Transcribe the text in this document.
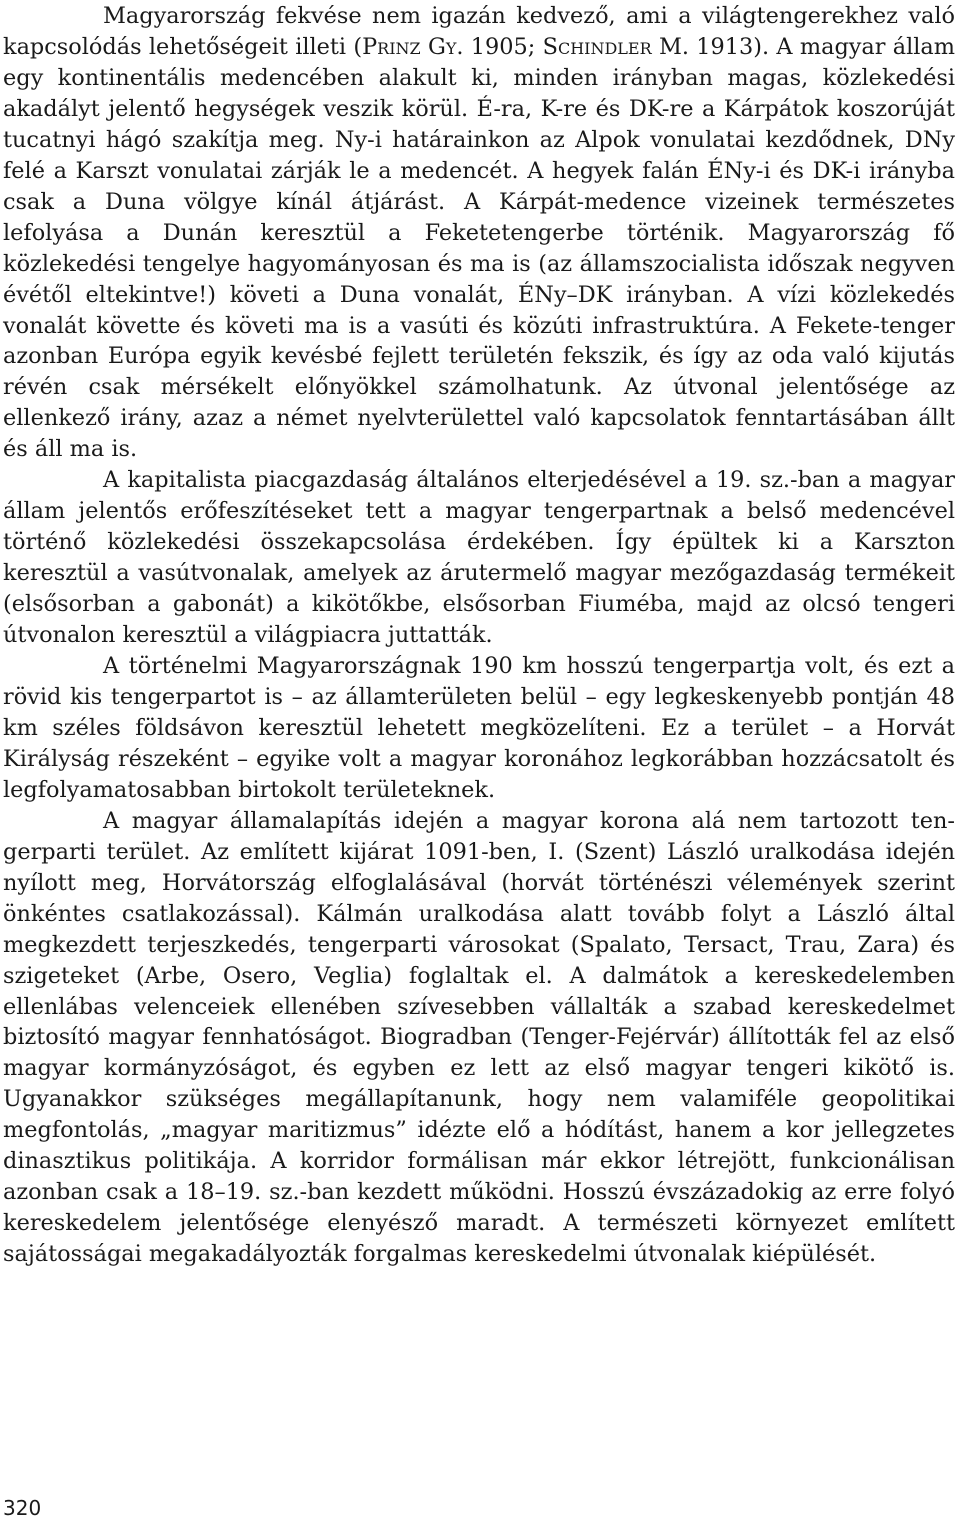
Magyarország fekvése nem igazán kedvező, ami a világtengerekhez való kapcsolódás lehetőségeit illeti (Prinz Gy. 1905; Schindler M. 1913). A magyar állam egy kontinentális medencében alakult ki, minden irányban magas, közlekedési akadályt jelentő hegységek veszik körül. É-ra, K-re és DK-re a Kárpátok koszorúját tucatnyi hágó szakítja meg. Ny-i határainkon az Alpok vonulatai kezdődnek, DNy felé a Karszt vonulatai zárják le a medencét. A hegyek falán ÉNy-i és DK-i irányba csak a Duna völgye kínál átjárást. A Kárpát-medence vizeinek természetes lefolyása a Dunán keresztül a Feketetengerbe történik. Magyarország fő közlekedési tengelye hagyományosan és ma is (az államszocialista időszak negyven évétől eltekintve!) követi a Duna vonalát, ÉNy–DK irányban. A vízi közlekedés vonalát követte és követi ma is a vasúti és közúti infrastruktúra. A Fekete-tenger azonban Európa egyik kevésbé fejlett területén fekszik, és így az oda való kijutás révén csak mérsékelt előnyökkel számolhatunk. Az útvonal jelentősége az ellenkező irány, azaz a német nyelvterülettel való kapcsolatok fenntartásában állt és áll ma is.

A kapitalista piacgazdaság általános elterjedésével a 19. sz.-ban a magyar állam jelentős erőfeszítéseket tett a magyar tengerpartnak a belső medencével történő közlekedési összekapcsolása érdekében. Így épültek ki a Karszton keresztül a vasútvonalak, amelyek az árutermelő magyar mezőgazdaság termékeit (elsősorban a gabonát) a kikötőkbe, elsősorban Fiuméba, majd az olcsó tengeri útvonalon keresztül a világpiacra juttatták.

A történelmi Magyarországnak 190 km hosszú tengerpartja volt, és ezt a rövid kis tengerpartot is – az államterületen belül – egy legkeskenyebb pontján 48 km széles földsávon keresztül lehetett megközelíteni. Ez a terület – a Horvát Királyság részeként – egyike volt a magyar koronához legkorábban hozzácsatolt és legfolyamatosabban birtokolt területeknek.

A magyar államalapítás idején a magyar korona alá nem tartozott tengerparti terület. Az említett kijárat 1091-ben, I. (Szent) László uralkodása idején nyílott meg, Horvátország elfoglalásával (horvát történészi vélemények szerint önkéntes csatlakozással). Kálmán uralkodása alatt tovább folyt a László által megkezdett terjeszkedés, tengerparti városokat (Spalato, Tersact, Trau, Zara) és szigeteket (Arbe, Osero, Veglia) foglaltak el. A dalmátok a kereskedelemben ellenlábas velenceiek ellenében szívesebben vállalták a szabad kereskedelmet biztosító magyar fennhatóságot. Biogradban (Tenger-Fejérvár) állították fel az első magyar kormányzóságot, és egyben ez lett az első magyar tengeri kikötő is. Ugyanakkor szükséges megállapítanunk, hogy nem valamiféle geopolitikai megfontolás, „magyar maritizmus” idézte elő a hódítást, hanem a kor jellegzetes dinasztikus politikája. A korridor formálisan már ekkor létrejött, funkcionálisan azonban csak a 18–19. sz.-ban kezdett működni. Hosszú évszázadokig az erre folyó kereskedelem jelentősége elenyésző maradt. A természeti környezet említett sajátosságai megakadályozták forgalmas kereskedelmi útvonalak kiépülését.

320
